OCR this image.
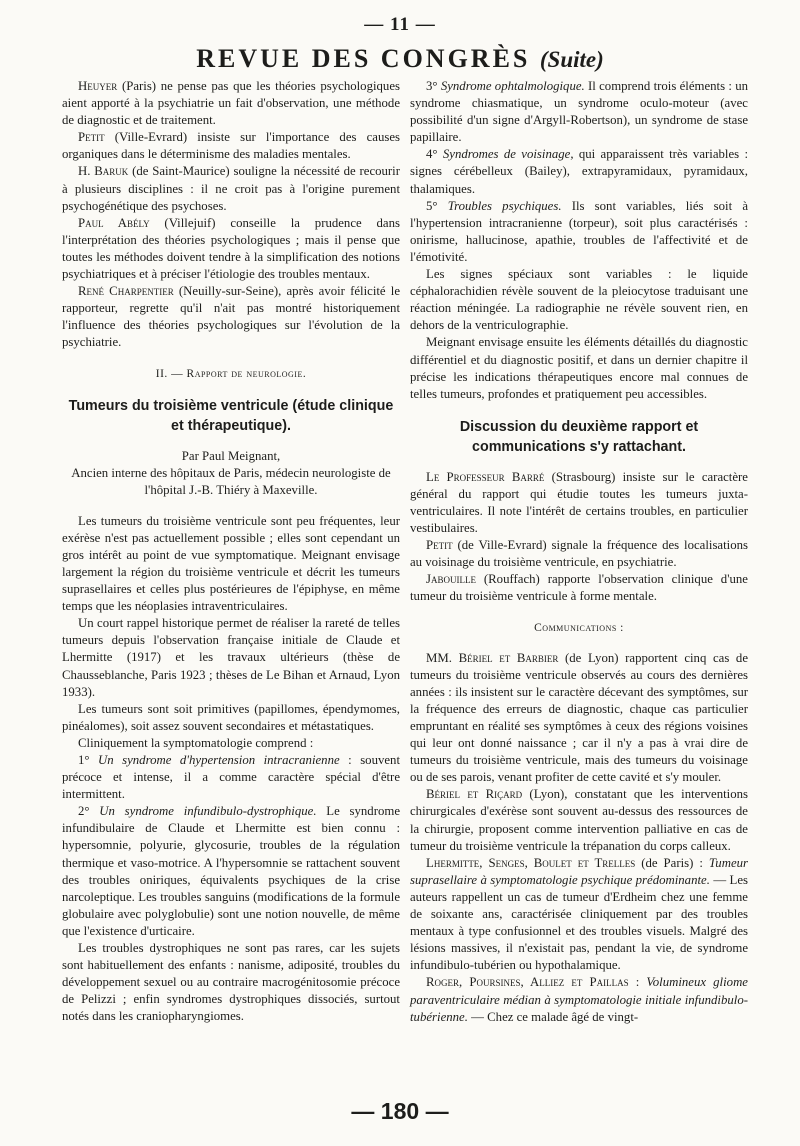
— 11 —
REVUE DES CONGRÈS (Suite)

Heuyer (Paris) ne pense pas que les théories psychologiques aient apporté à la psychiatrie un fait d'observation, une méthode de diagnostic et de traitement.

Petit (Ville-Evrard) insiste sur l'importance des causes organiques dans le déterminisme des maladies mentales.

H. Baruk (de Saint-Maurice) souligne la nécessité de recourir à plusieurs disciplines : il ne croit pas à l'origine purement psychogénétique des psychoses.

Paul Abély (Villejuif) conseille la prudence dans l'interprétation des théories psychologiques ; mais il pense que toutes les méthodes doivent tendre à la simplification des notions psychiatriques et à préciser l'étiologie des troubles mentaux.

René Charpentier (Neuilly-sur-Seine), après avoir félicité le rapporteur, regrette qu'il n'ait pas montré historiquement l'influence des théories psychologiques sur l'évolution de la psychiatrie.

II. — Rapport de neurologie.

Tumeurs du troisième ventricule (étude clinique et thérapeutique).

Par Paul Meignant,

Ancien interne des hôpitaux de Paris, médecin neurologiste de l'hôpital J.-B. Thiéry à Maxeville.

Les tumeurs du troisième ventricule sont peu fréquentes, leur exérèse n'est pas actuellement possible ; elles sont cependant un gros intérêt au point de vue symptomatique. Meignant envisage largement la région du troisième ventricule et décrit les tumeurs suprasellaires et celles plus postérieures de l'épiphyse, en même temps que les néoplasies intraventriculaires.

Un court rappel historique permet de réaliser la rareté de telles tumeurs depuis l'observation française initiale de Claude et Lhermitte (1917) et les travaux ultérieurs (thèse de Chausseblanche, Paris 1923 ; thèses de Le Bihan et Arnaud, Lyon 1933).

Les tumeurs sont soit primitives (papillomes, épendymomes, pinéalomes), soit assez souvent secondaires et métastatiques.

Cliniquement la symptomatologie comprend :

1° Un syndrome d'hypertension intracranienne : souvent précoce et intense, il a comme caractère spécial d'être intermittent.

2° Un syndrome infundibulo-dystrophique. Le syndrome infundibulaire de Claude et Lhermitte est bien connu : hypersomnie, polyurie, glycosurie, troubles de la régulation thermique et vaso-motrice. A l'hypersomnie se rattachent souvent des troubles oniriques, équivalents psychiques de la crise narcoleptique. Les troubles sanguins (modifications de la formule globulaire avec polyglobulie) sont une notion nouvelle, de même que l'existence d'urticaire.

Les troubles dystrophiques ne sont pas rares, car les sujets sont habituellement des enfants : nanisme, adiposité, troubles du développement sexuel ou au contraire macrogénitosomie précoce de Pelizzi ; enfin syndromes dystrophiques dissociés, surtout notés dans les craniopharyngiomes.

3° Syndrome ophtalmologique. Il comprend trois éléments : un syndrome chiasmatique, un syndrome oculo-moteur (avec possibilité d'un signe d'Argyll-Robertson), un syndrome de stase papillaire.

4° Syndromes de voisinage, qui apparaissent très variables : signes cérébelleux (Bailey), extrapyramidaux, pyramidaux, thalamiques.

5° Troubles psychiques. Ils sont variables, liés soit à l'hypertension intracranienne (torpeur), soit plus caractérisés : onirisme, hallucinose, apathie, troubles de l'affectivité et de l'émotivité.

Les signes spéciaux sont variables : le liquide céphalorachidien révèle souvent de la pleiocytose traduisant une réaction méningée. La radiographie ne révèle souvent rien, en dehors de la ventriculographie.

Meignant envisage ensuite les éléments détaillés du diagnostic différentiel et du diagnostic positif, et dans un dernier chapitre il précise les indications thérapeutiques encore mal connues de telles tumeurs, profondes et pratiquement peu accessibles.

Discussion du deuxième rapport et communications s'y rattachant.

Le Professeur Barré (Strasbourg) insiste sur le caractère général du rapport qui étudie toutes les tumeurs juxta-ventriculaires. Il note l'intérêt de certains troubles, en particulier vestibulaires.

Petit (de Ville-Evrard) signale la fréquence des localisations au voisinage du troisième ventricule, en psychiatrie.

Jabouille (Rouffach) rapporte l'observation clinique d'une tumeur du troisième ventricule à forme mentale.

Communications :

MM. Bériel et Barbier (de Lyon) rapportent cinq cas de tumeurs du troisième ventricule observés au cours des dernières années : ils insistent sur le caractère décevant des symptômes, sur la fréquence des erreurs de diagnostic, chaque cas particulier empruntant en réalité ses symptômes à ceux des régions voisines qui leur ont donné naissance ; car il n'y a pas à vrai dire de tumeurs du troisième ventricule, mais des tumeurs du voisinage ou de ses parois, venant profiter de cette cavité et s'y mouler.

Bériel et Riçard (Lyon), constatant que les interventions chirurgicales d'exérèse sont souvent au-dessus des ressources de la chirurgie, proposent comme intervention palliative en cas de tumeur du troisième ventricule la trépanation du corps calleux.

Lhermitte, Senges, Boulet et Trelles (de Paris) : Tumeur suprasellaire à symptomatologie psychique prédominante. — Les auteurs rappellent un cas de tumeur d'Erdheim chez une femme de soixante ans, caractérisée cliniquement par des troubles mentaux à type confusionnel et des troubles visuels. Malgré des lésions massives, il n'existait pas, pendant la vie, de syndrome infundibulo-tubérien ou hypothalamique.

Roger, Poursines, Alliez et Paillas : Volumineux gliome paraventriculaire médian à symptomatologie initiale infundibulo-tubérienne. — Chez ce malade âgé de vingt-

— 180 —
